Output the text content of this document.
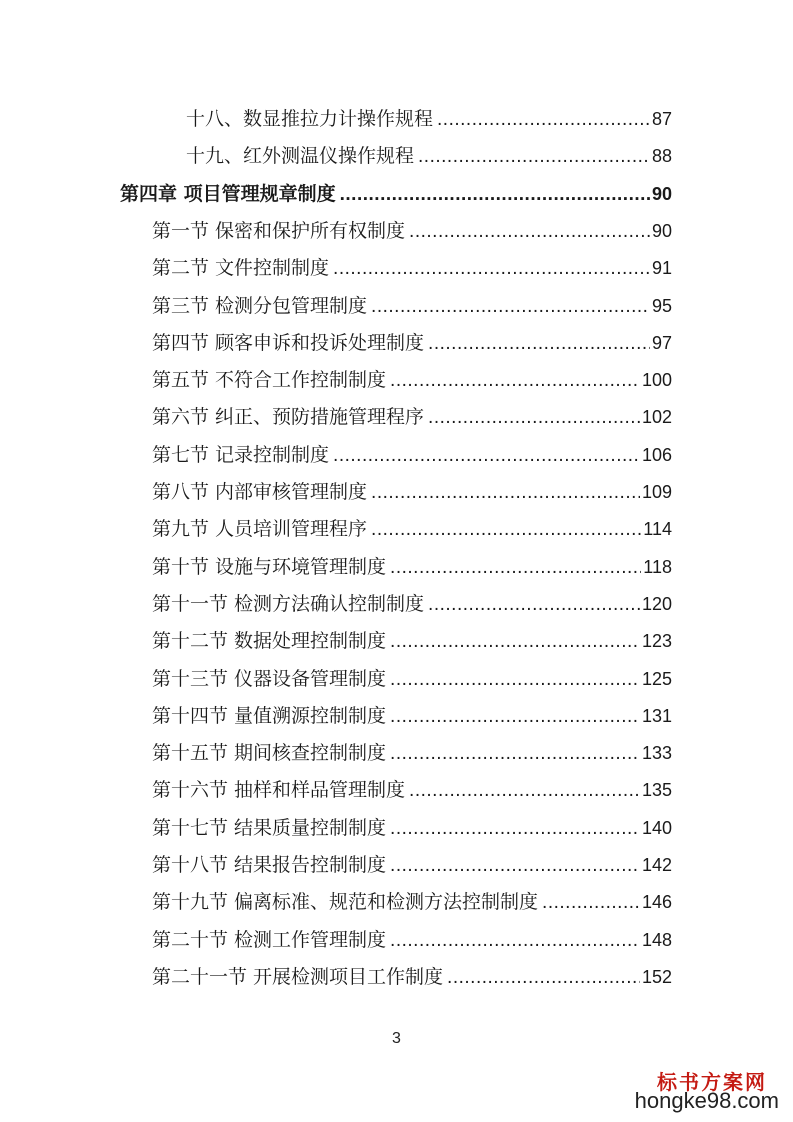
十八、数显推拉力计操作规程 .....	87
十九、红外测温仪操作规程 .....	88
第四章 项目管理规章制度 .....	90
第一节 保密和保护所有权制度 .....	90
第二节 文件控制制度 .....	91
第三节 检测分包管理制度 .....	95
第四节 顾客申诉和投诉处理制度 .....	97
第五节 不符合工作控制制度 .....	100
第六节 纠正、预防措施管理程序 .....	102
第七节 记录控制制度 .....	106
第八节 内部审核管理制度 .....	109
第九节 人员培训管理程序 .....	114
第十节 设施与环境管理制度 .....	118
第十一节 检测方法确认控制制度 .....	120
第十二节 数据处理控制制度 .....	123
第十三节 仪器设备管理制度 .....	125
第十四节 量值溯源控制制度 .....	131
第十五节 期间核查控制制度 .....	133
第十六节 抽样和样品管理制度 .....	135
第十七节 结果质量控制制度 .....	140
第十八节 结果报告控制制度 .....	142
第十九节 偏离标准、规范和检测方法控制制度 .....	146
第二十节 检测工作管理制度 .....	148
第二十一节 开展检测项目工作制度 .....	152
3
标书方案网
hongke98.com
